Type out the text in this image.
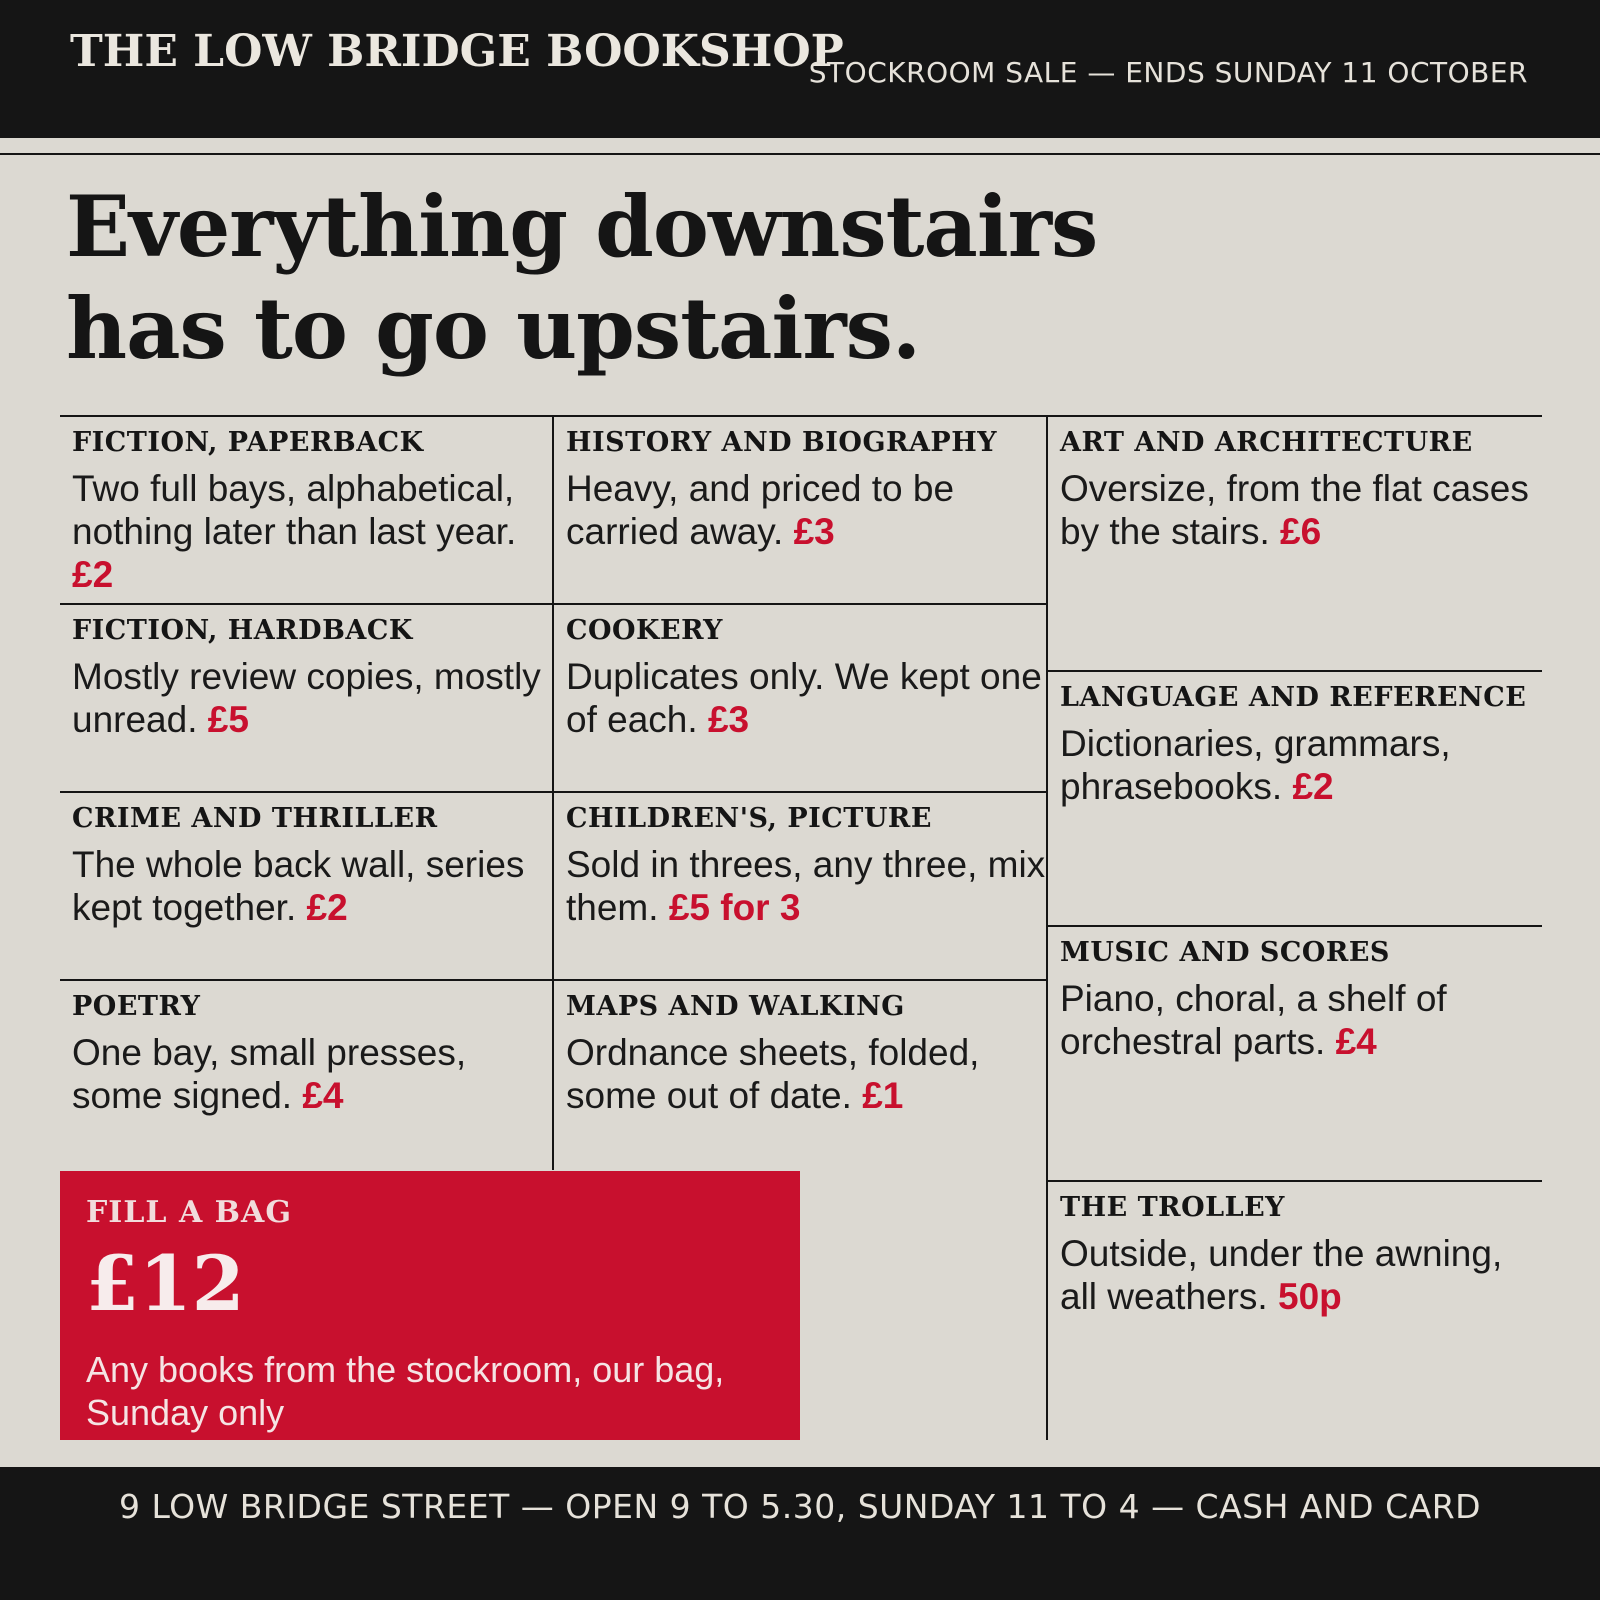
THE LOW BRIDGE BOOKSHOP
STOCKROOM SALE — ENDS SUNDAY 11 OCTOBER
Everything downstairs
has to go upstairs.
FICTION, PAPERBACK
Two full bays, alphabetical, nothing later than last year.
£2
FICTION, HARDBACK
Mostly review copies, mostly unread. £5
CRIME AND THRILLER
The whole back wall, series kept together. £2
POETRY
One bay, small presses, some signed. £4
HISTORY AND BIOGRAPHY
Heavy, and priced to be carried away. £3
COOKERY
Duplicates only. We kept one of each. £3
CHILDREN'S, PICTURE
Sold in threes, any three, mix them. £5 for 3
MAPS AND WALKING
Ordnance sheets, folded, some out of date. £1
ART AND ARCHITECTURE
Oversize, from the flat cases by the stairs. £6
LANGUAGE AND REFERENCE
Dictionaries, grammars, phrasebooks. £2
MUSIC AND SCORES
Piano, choral, a shelf of orchestral parts. £4
THE TROLLEY
Outside, under the awning, all weathers. 50p
FILL A BAG
£12
Any books from the stockroom, our bag, Sunday only
9 LOW BRIDGE STREET — OPEN 9 TO 5.30, SUNDAY 11 TO 4 — CASH AND CARD
